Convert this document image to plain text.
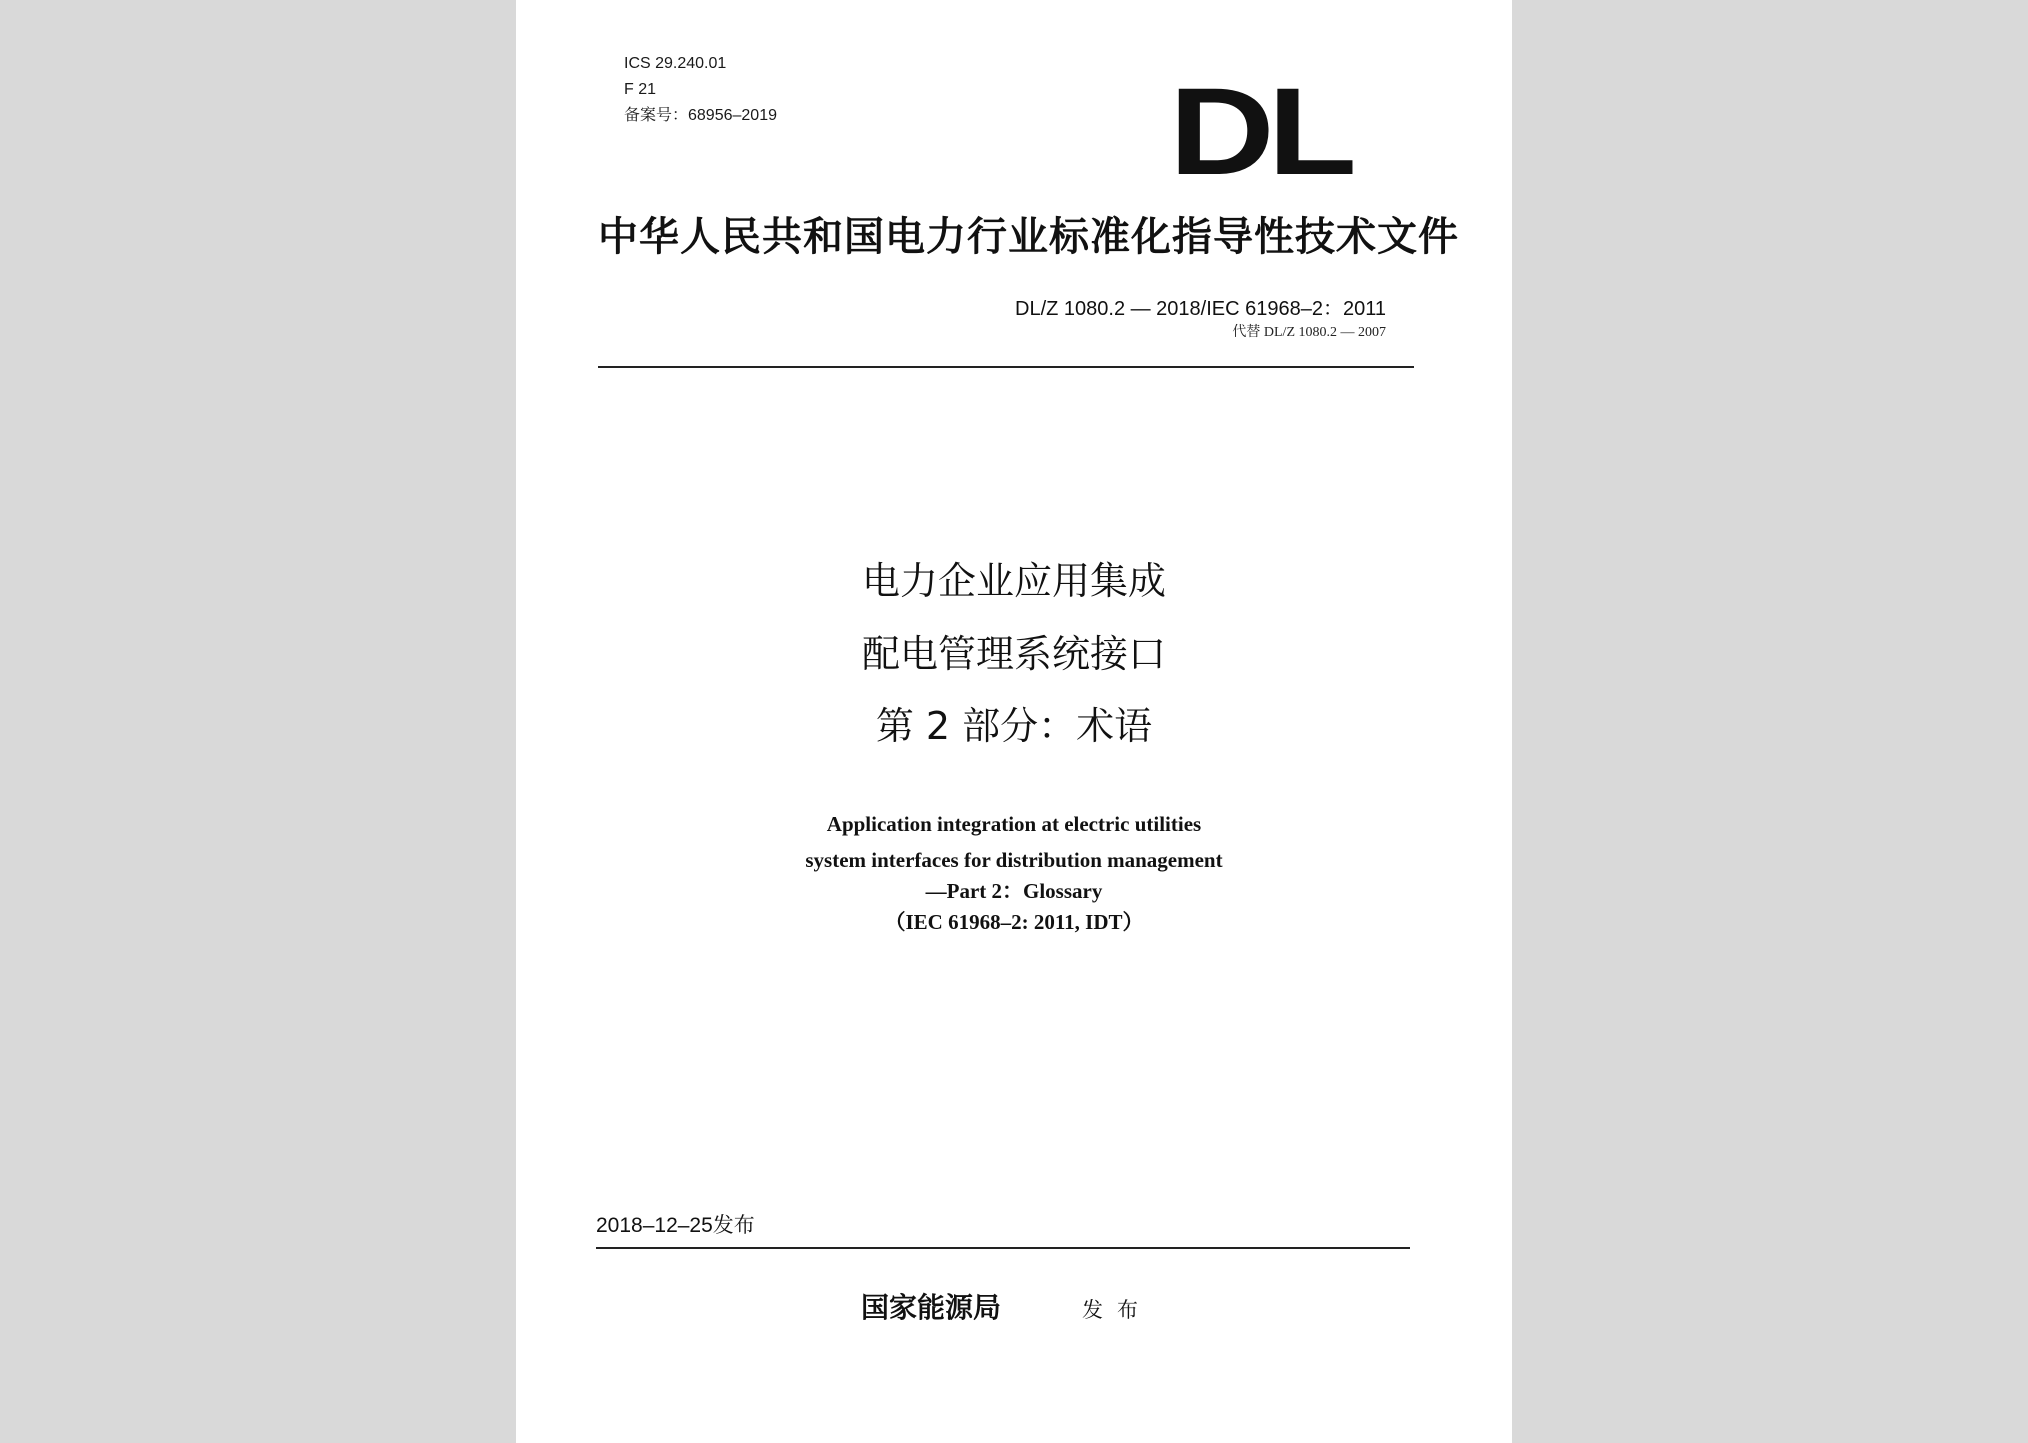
ICS 29.240.01
F 21
备案号：68956–2019	DL
中华人民共和国电力行业标准化指导性技术文件
DL/Z 1080.2 — 2018/IEC 61968–2：2011
代替 DL/Z 1080.2 — 2007
电力企业应用集成
配电管理系统接口
第 2 部分：术语
Application integration at electric utilities
system interfaces for distribution management
—Part 2：Glossary
（IEC 61968–2: 2011, IDT）
2018–12–25发布
国家能源局	发布
